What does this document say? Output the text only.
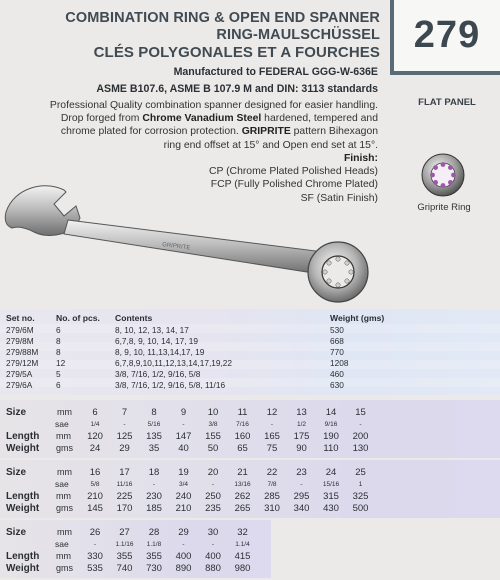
COMBINATION RING & OPEN END SPANNER
RING-MAULSCHÜSSEL
CLÉS POLYGONALES ET A FOURCHES 279
Manufactured to FEDERAL GGG-W-636E
ASME B107.6, ASME B 107.9 M and DIN: 3113 standards
Professional Quality combination spanner designed for easier handling.
Drop forged from Chrome Vanadium Steel hardened, tempered and
chrome plated for corrosion protection. GRIPRITE pattern Bihexagon
ring end offset at 15° and Open end set at 15°.
Finish:
CP (Chrome Plated Polished Heads)
FCP (Fully Polished Chrome Plated)
SF (Satin Finish)
FLAT PANEL
Griprite Ring
GRIPRITE
Set no. No. of pcs. Contents	Weight (gms)
279/6M	6	8, 10, 12, 13, 14, 17	530
279/8M	8	6,7,8, 9, 10, 14, 17, 19	668
279/88M 8	8, 9, 10, 11,13,14,17, 19	770
279/12M 12	6,7,8,9,10,11,12,13,14,17,19,22	1208
279/5A	5	3/8, 7/16, 1/2, 9/16, 5/8	460
279/6A	6	3/8, 7/16, 1/2, 9/16, 5/8, 11/16	630
Size	mm	6	7	8	9	10	11	12	13	14	15
sae	1/4	-	5/16	-	3/8	7/16	-	1/2	9/16	-
Length mm	120	125	135	147	155	160	165	175	190	200
Weight gms	24	29	35	40	50	65	75	90	110	130
Size	mm	16	17	18	19	20	21	22	23	24	25
sae	5/8	11/16	-	3/4	-	13/16	7/8	-	15/16	1
Length mm	210	225	230	240	250	262	285	295	315	325
Weight gms	145	170	185	210	235	265	310	340	430	500
Size	mm	26	27	28	29	30	32
sae	-	1.1/16	1.1/8	-	-	1.1/4
Length mm	330	355	355	400	400	415
Weight gms	535	740	730	890	880	980
